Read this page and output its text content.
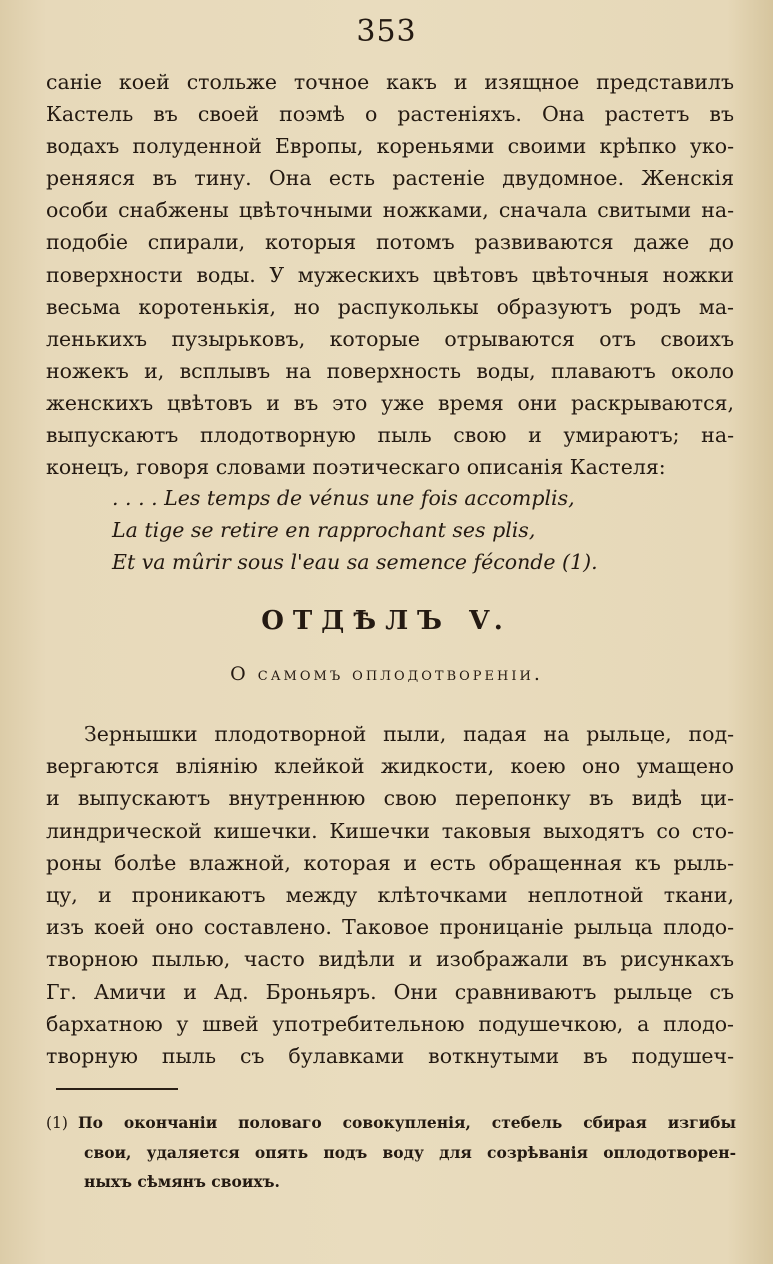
353
саніе коей стольже точное какъ и изящное представилъ
Кастель въ своей поэмѣ о растеніяхъ. Она растетъ въ
водахъ полуденной Европы, кореньями своими крѣпко уко-
реняяся въ тину. Она есть растеніе двудомное. Женскія
особи снабжены цвѣточными ножками, сначала свитыми на-
подобіе спирали, которыя потомъ развиваются даже до
поверхности воды. У мужескихъ цвѣтовъ цвѣточныя ножки
весьма коротенькія, но распуколькы образуютъ родъ ма-
ленькихъ пузырьковъ, которые отрываются отъ своихъ
ножекъ и, всплывъ на поверхность воды, плаваютъ около
женскихъ цвѣтовъ и въ это уже время они раскрываются,
выпускаютъ плодотворную пыль свою и умираютъ; на-
конецъ, говоря словами поэтическаго описанія Кастеля:
. . . . Les temps de vénus une fois accomplis,
La tige se retire en rapprochant ses plis,
Et va mûrir sous l'eau sa semence féconde (1).
ОТДѢЛЪ V.
О самомъ оплодотвореніи.
Зернышки плодотворной пыли, падая на рыльце, под-
вергаются вліянію клейкой жидкости, коею оно умащено
и выпускаютъ внутреннюю свою перепонку въ видѣ ци-
линдрической кишечки. Кишечки таковыя выходятъ со сто-
роны болѣе влажной, которая и есть обращенная къ рыль-
цу, и проникаютъ между клѣточками неплотной ткани,
изъ коей оно составлено. Таковое проницаніе рыльца плодо-
творною пылью, часто видѣли и изображали въ рисункахъ
Гг. Амичи и Ад. Броньяръ. Они сравниваютъ рыльце съ
бархатною у швей употребительною подушечкою, а плодо-
творную пыль съ булавками воткнутыми въ подушеч-
(1) По окончаніи половаго совокупленія, стебель сбирая изгибы
свои, удаляется опять подъ воду для созрѣванія оплодотворен-
ныхъ сѣмянъ своихъ.
